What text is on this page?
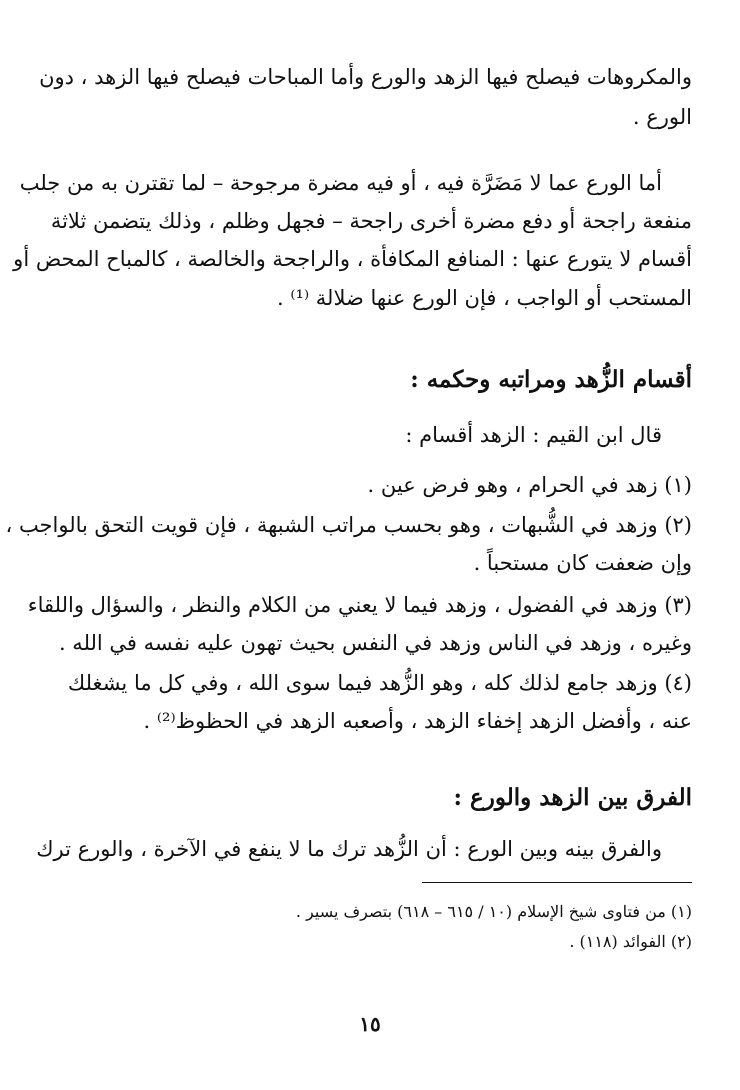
والمكروهات فيصلح فيها الزهد والورع وأما المباحات فيصلح فيها الزهد ، دون
الورع .
أما الورع عما لا مَضَرَّة فيه ، أو فيه مضرة مرجوحة – لما تقترن به من جلب
منفعة راجحة أو دفع مضرة أخرى راجحة – فجهل وظلم ، وذلك يتضمن ثلاثة
أقسام لا يتورع عنها : المنافع المكافأة ، والراجحة والخالصة ، كالمباح المحض أو
المستحب أو الواجب ، فإن الورع عنها ضلالة ⁽¹⁾ .
أقسام الزُّهد ومراتبه وحكمه :
قال ابن القيم : الزهد أقسام :
(١) زهد في الحرام ، وهو فرض عين .
(٢) وزهد في الشُّبهات ، وهو بحسب مراتب الشبهة ، فإن قويت التحق بالواجب ،
وإن ضعفت كان مستحباً .
(٣) وزهد في الفضول ، وزهد فيما لا يعني من الكلام والنظر ، والسؤال واللقاء
وغيره ، وزهد في الناس وزهد في النفس بحيث تهون عليه نفسه في الله .
(٤) وزهد جامع لذلك كله ، وهو الزُّهد فيما سوى الله ، وفي كل ما يشغلك
عنه ، وأفضل الزهد إخفاء الزهد ، وأصعبه الزهد في الحظوظ⁽²⁾ .
الفرق بين الزهد والورع :
والفرق بينه وبين الورع : أن الزُّهد ترك ما لا ينفع في الآخرة ، والورع ترك
(١) من فتاوى شيخ الإسلام (١٠ / ٦١٥ – ٦١٨) بتصرف يسير .
(٢) الفوائد (١١٨) .
١٥
